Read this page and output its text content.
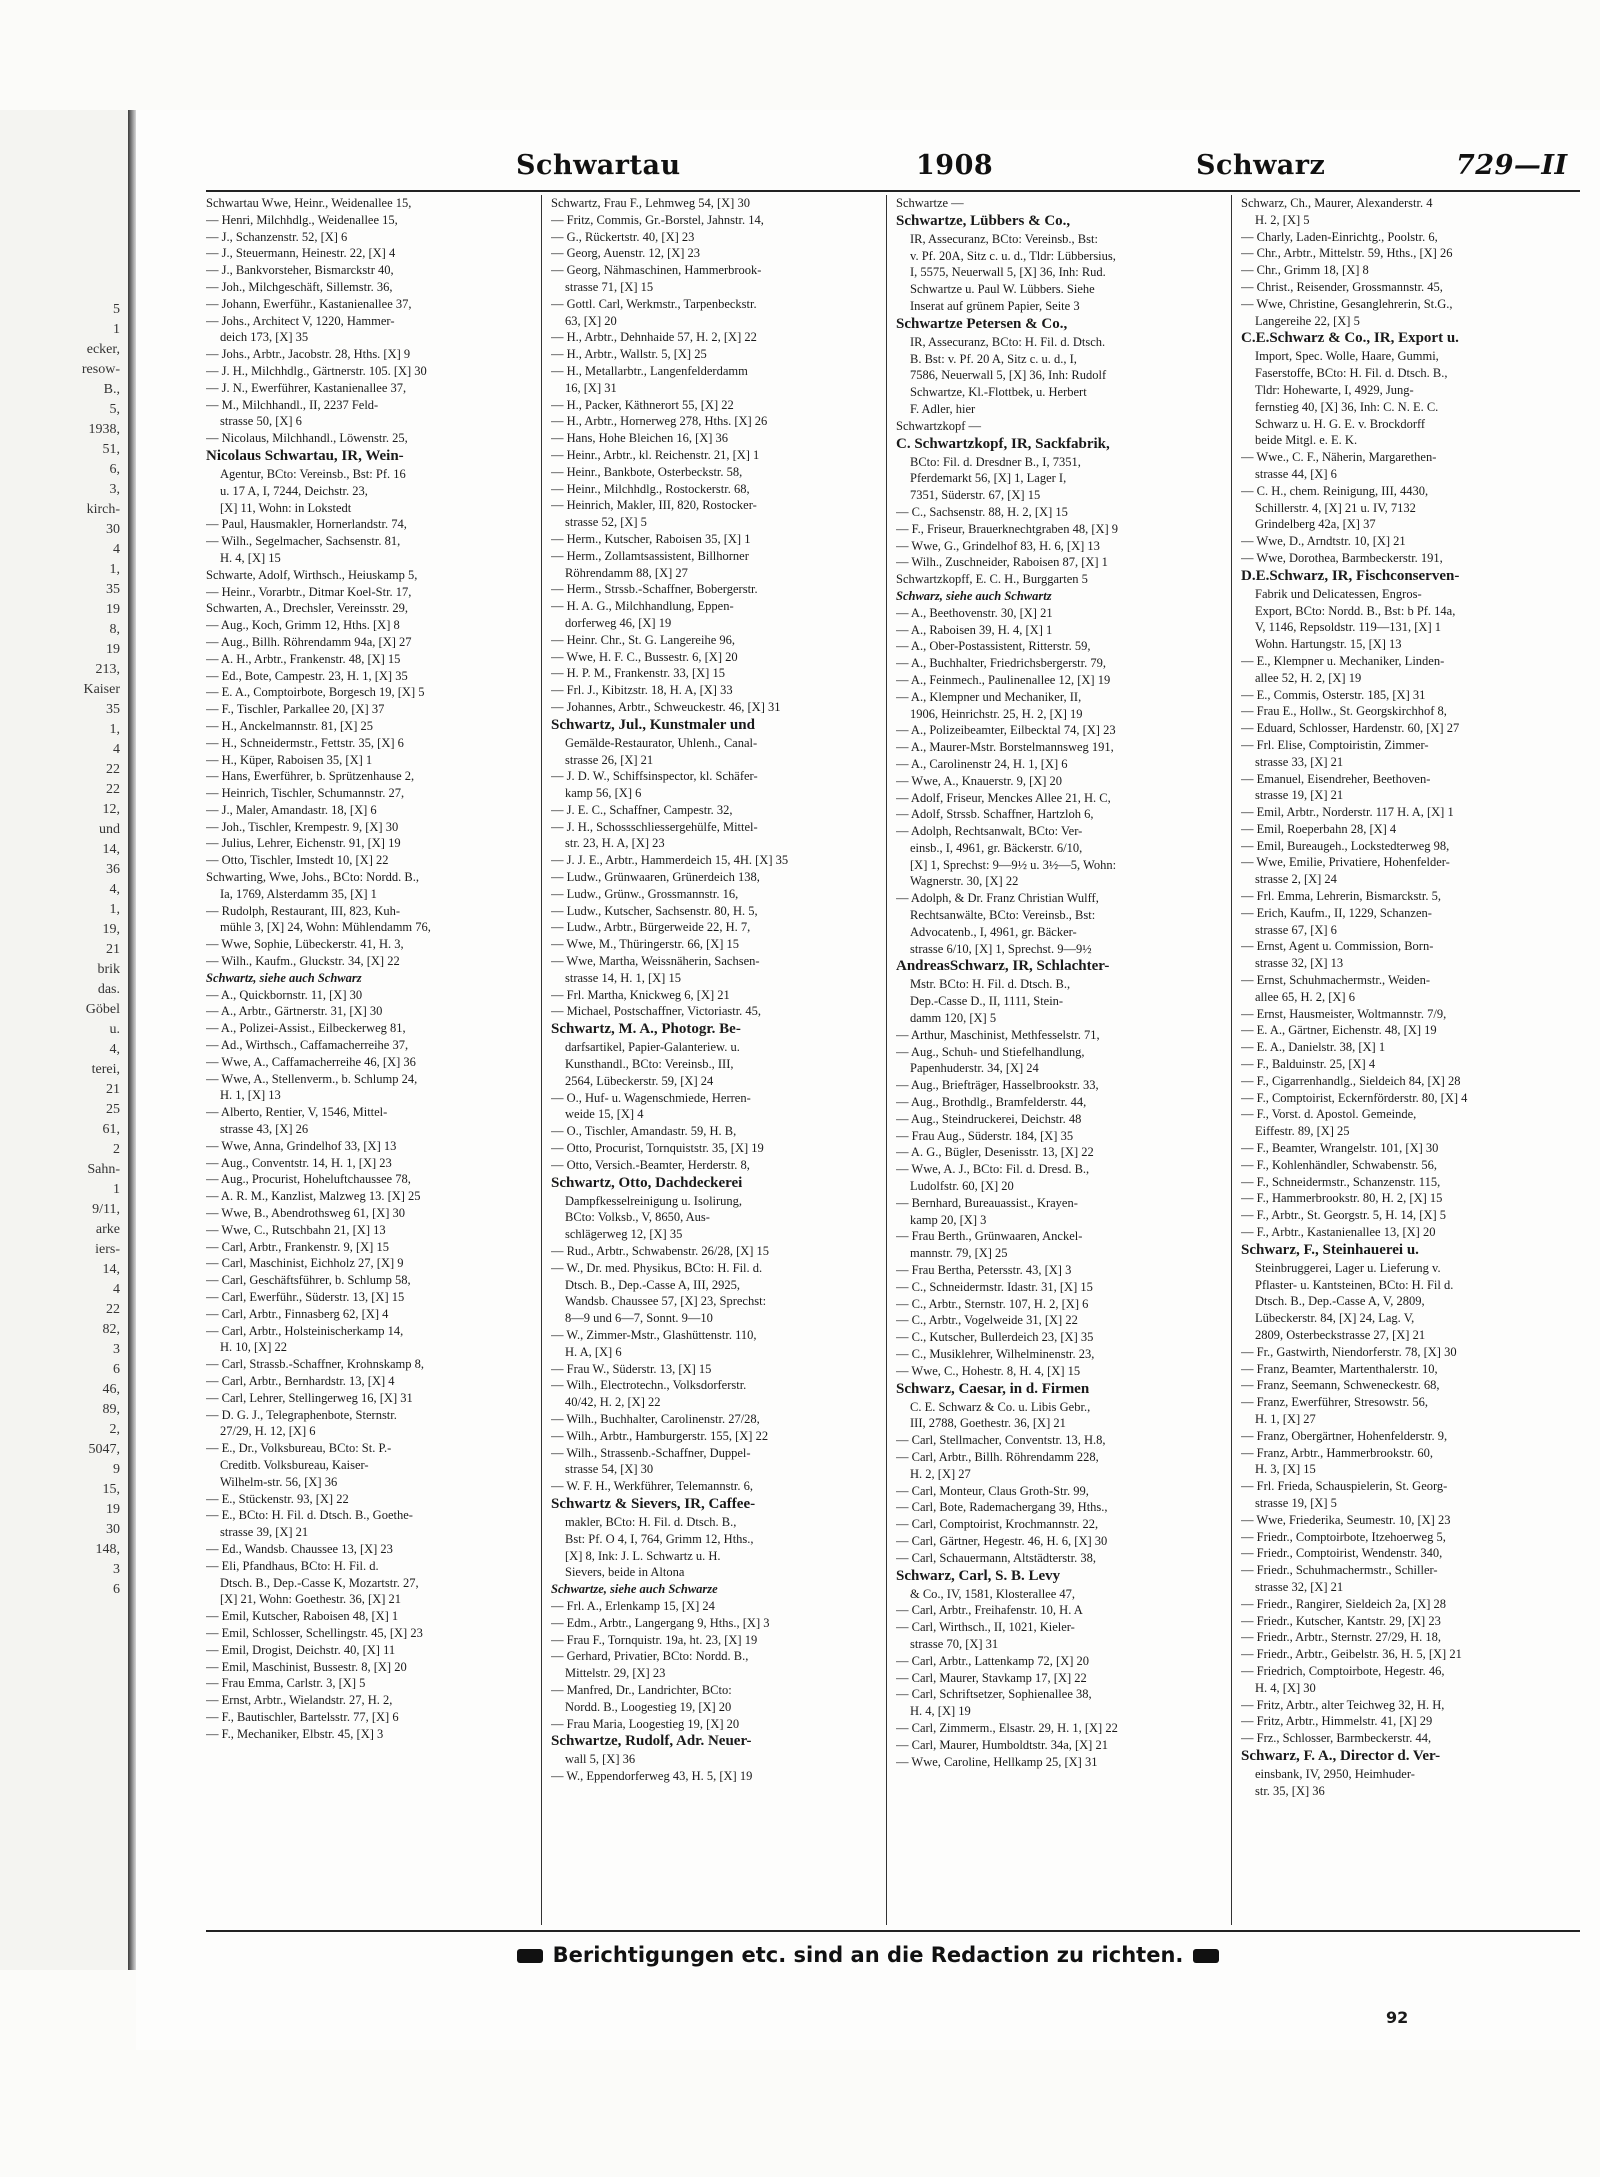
5
1
ecker,
resow-
B.,
5,
1938,
51,
6,
3,
kirch-
30
4
1,
35
19
8,
19
213,
Kaiser
35
1,
4
22
22
12,
und
14,
36
4,
1,
19,
21
brik
das.
Göbel
u.
4,
terei,
21
25
61,
2
Sahn-
1
9/11,
arke
iers-
14,
4
22
82,
3
6
46,
89,
2,
5047,
9
15,
19
30
148,
3
6
Schwartau	1908	Schwarz	729—II
Schwartau Wwe, Heinr., Weidenallee 15,
— Henri, Milchhdlg., Weidenallee 15,
— J., Schanzenstr. 52, [X] 6
— J., Steuermann, Heinestr. 22, [X] 4
— J., Bankvorsteher, Bismarckstr 40,
— Joh., Milchgeschäft, Sillemstr. 36,
— Johann, Ewerführ., Kastanienallee 37,
— Johs., Architect V, 1220, Hammer-
deich 173, [X] 35
— Johs., Arbtr., Jacobstr. 28, Hths. [X] 9
— J. H., Milchhdlg., Gärtnerstr. 105. [X] 30
— J. N., Ewerführer, Kastanienallee 37,
— M., Milchhandl., II, 2237 Feld-
strasse 50, [X] 6
— Nicolaus, Milchhandl., Löwenstr. 25,
Nicolaus Schwartau, IR, Wein-
Agentur, BCto: Vereinsb., Bst: Pf. 16
u. 17 A, I, 7244, Deichstr. 23,
[X] 11, Wohn: in Lokstedt
— Paul, Hausmakler, Hornerlandstr. 74,
— Wilh., Segelmacher, Sachsenstr. 81,
H. 4, [X] 15
Schwarte, Adolf, Wirthsch., Heiuskamp 5,
— Heinr., Vorarbtr., Ditmar Koel-Str. 17,
Schwarten, A., Drechsler, Vereinsstr. 29,
— Aug., Koch, Grimm 12, Hths. [X] 8
— Aug., Billh. Röhrendamm 94a, [X] 27
— A. H., Arbtr., Frankenstr. 48, [X] 15
— Ed., Bote, Campestr. 23, H. 1, [X] 35
— E. A., Comptoirbote, Borgesch 19, [X] 5
— F., Tischler, Parkallee 20, [X] 37
— H., Anckelmannstr. 81, [X] 25
— H., Schneidermstr., Fettstr. 35, [X] 6
— H., Küper, Raboisen 35, [X] 1
— Hans, Ewerführer, b. Sprützenhause 2,
— Heinrich, Tischler, Schumannstr. 27,
— J., Maler, Amandastr. 18, [X] 6
— Joh., Tischler, Krempestr. 9, [X] 30
— Julius, Lehrer, Eichenstr. 91, [X] 19
— Otto, Tischler, Imstedt 10, [X] 22
Schwarting, Wwe, Johs., BCto: Nordd. B.,
Ia, 1769, Alsterdamm 35, [X] 1
— Rudolph, Restaurant, III, 823, Kuh-
mühle 3, [X] 24, Wohn: Mühlendamm 76,
— Wwe, Sophie, Lübeckerstr. 41, H. 3,
— Wilh., Kaufm., Gluckstr. 34, [X] 22
Schwartz, siehe auch Schwarz
— A., Quickbornstr. 11, [X] 30
— A., Arbtr., Gärtnerstr. 31, [X] 30
— A., Polizei-Assist., Eilbeckerweg 81,
— Ad., Wirthsch., Caffamacherreihe 37,
— Wwe, A., Caffamacherreihe 46, [X] 36
— Wwe, A., Stellenverm., b. Schlump 24,
H. 1, [X] 13
— Alberto, Rentier, V, 1546, Mittel-
strasse 43, [X] 26
— Wwe, Anna, Grindelhof 33, [X] 13
— Aug., Conventstr. 14, H. 1, [X] 23
— Aug., Procurist, Hoheluftchaussee 78,
— A. R. M., Kanzlist, Malzweg 13. [X] 25
— Wwe, B., Abendrothsweg 61, [X] 30
— Wwe, C., Rutschbahn 21, [X] 13
— Carl, Arbtr., Frankenstr. 9, [X] 15
— Carl, Maschinist, Eichholz 27, [X] 9
— Carl, Geschäftsführer, b. Schlump 58,
— Carl, Ewerführ., Süderstr. 13, [X] 15
— Carl, Arbtr., Finnasberg 62, [X] 4
— Carl, Arbtr., Holsteinischerkamp 14,
H. 10, [X] 22
— Carl, Strassb.-Schaffner, Krohnskamp 8,
— Carl, Arbtr., Bernhardstr. 13, [X] 4
— Carl, Lehrer, Stellingerweg 16, [X] 31
— D. G. J., Telegraphenbote, Sternstr.
27/29, H. 12, [X] 6
— E., Dr., Volksbureau, BCto: St. P.-
Creditb. Volksbureau, Kaiser-
Wilhelm-str. 56, [X] 36
— E., Stückenstr. 93, [X] 22
— E., BCto: H. Fil. d. Dtsch. B., Goethe-
strasse 39, [X] 21
— Ed., Wandsb. Chaussee 13, [X] 23
— Eli, Pfandhaus, BCto: H. Fil. d.
Dtsch. B., Dep.-Casse K, Mozartstr. 27,
[X] 21, Wohn: Goethestr. 36, [X] 21
— Emil, Kutscher, Raboisen 48, [X] 1
— Emil, Schlosser, Schellingstr. 45, [X] 23
— Emil, Drogist, Deichstr. 40, [X] 11
— Emil, Maschinist, Bussestr. 8, [X] 20
— Frau Emma, Carlstr. 3, [X] 5
— Ernst, Arbtr., Wielandstr. 27, H. 2,
— F., Bautischler, Bartelsstr. 77, [X] 6
— F., Mechaniker, Elbstr. 45, [X] 3
Schwartz, Frau F., Lehmweg 54, [X] 30
— Fritz, Commis, Gr.-Borstel, Jahnstr. 14,
— G., Rückertstr. 40, [X] 23
— Georg, Auenstr. 12, [X] 23
— Georg, Nähmaschinen, Hammerbrook-
strasse 71, [X] 15
— Gottl. Carl, Werkmstr., Tarpenbeckstr.
63, [X] 20
— H., Arbtr., Dehnhaide 57, H. 2, [X] 22
— H., Arbtr., Wallstr. 5, [X] 25
— H., Metallarbtr., Langenfelderdamm
16, [X] 31
— H., Packer, Käthnerort 55, [X] 22
— H., Arbtr., Hornerweg 278, Hths. [X] 26
— Hans, Hohe Bleichen 16, [X] 36
— Heinr., Arbtr., kl. Reichenstr. 21, [X] 1
— Heinr., Bankbote, Osterbeckstr. 58,
— Heinr., Milchhdlg., Rostockerstr. 68,
— Heinrich, Makler, III, 820, Rostocker-
strasse 52, [X] 5
— Herm., Kutscher, Raboisen 35, [X] 1
— Herm., Zollamtsassistent, Billhorner
Röhrendamm 88, [X] 27
— Herm., Strssb.-Schaffner, Bobergerstr.
— H. A. G., Milchhandlung, Eppen-
dorferweg 46, [X] 19
— Heinr. Chr., St. G. Langereihe 96,
— Wwe, H. F. C., Bussestr. 6, [X] 20
— H. P. M., Frankenstr. 33, [X] 15
— Frl. J., Kibitzstr. 18, H. A, [X] 33
— Johannes, Arbtr., Schweuckestr. 46, [X] 31
Schwartz, Jul., Kunstmaler und
Gemälde-Restaurator, Uhlenh., Canal-
strasse 26, [X] 21
— J. D. W., Schiffsinspector, kl. Schäfer-
kamp 56, [X] 6
— J. E. C., Schaffner, Campestr. 32,
— J. H., Schossschliessergehülfe, Mittel-
str. 23, H. A, [X] 23
— J. J. E., Arbtr., Hammerdeich 15, 4H. [X] 35
— Ludw., Grünwaaren, Grünerdeich 138,
— Ludw., Grünw., Grossmannstr. 16,
— Ludw., Kutscher, Sachsenstr. 80, H. 5,
— Ludw., Arbtr., Bürgerweide 22, H. 7,
— Wwe, M., Thüringerstr. 66, [X] 15
— Wwe, Martha, Weissnäherin, Sachsen-
strasse 14, H. 1, [X] 15
— Frl. Martha, Knickweg 6, [X] 21
— Michael, Postschaffner, Victoriastr. 45,
Schwartz, M. A., Photogr. Be-
darfsartikel, Papier-Galanteriew. u.
Kunsthandl., BCto: Vereinsb., III,
2564, Lübeckerstr. 59, [X] 24
— O., Huf- u. Wagenschmiede, Herren-
weide 15, [X] 4
— O., Tischler, Amandastr. 59, H. B,
— Otto, Procurist, Tornquiststr. 35, [X] 19
— Otto, Versich.-Beamter, Herderstr. 8,
Schwartz, Otto, Dachdeckerei
Dampfkesselreinigung u. Isolirung,
BCto: Volksb., V, 8650, Aus-
schlägerweg 12, [X] 35
— Rud., Arbtr., Schwabenstr. 26/28, [X] 15
— W., Dr. med. Physikus, BCto: H. Fil. d.
Dtsch. B., Dep.-Casse A, III, 2925,
Wandsb. Chaussee 57, [X] 23, Sprechst:
8—9 und 6—7, Sonnt. 9—10
— W., Zimmer-Mstr., Glashüttenstr. 110,
H. A, [X] 6
— Frau W., Süderstr. 13, [X] 15
— Wilh., Electrotechn., Volksdorferstr.
40/42, H. 2, [X] 22
— Wilh., Buchhalter, Carolinenstr. 27/28,
— Wilh., Arbtr., Hamburgerstr. 155, [X] 22
— Wilh., Strassenb.-Schaffner, Duppel-
strasse 54, [X] 30
— W. F. H., Werkführer, Telemannstr. 6,
Schwartz & Sievers, IR, Caffee-
makler, BCto: H. Fil. d. Dtsch. B.,
Bst: Pf. O 4, I, 764, Grimm 12, Hths.,
[X] 8, Ink: J. L. Schwartz u. H.
Sievers, beide in Altona
Schwartze, siehe auch Schwarze
— Frl. A., Erlenkamp 15, [X] 24
— Edm., Arbtr., Langergang 9, Hths., [X] 3
— Frau F., Tornquistr. 19a, ht. 23, [X] 19
— Gerhard, Privatier, BCto: Nordd. B.,
Mittelstr. 29, [X] 23
— Manfred, Dr., Landrichter, BCto:
Nordd. B., Loogestieg 19, [X] 20
— Frau Maria, Loogestieg 19, [X] 20
Schwartze, Rudolf, Adr. Neuer-
wall 5, [X] 36
— W., Eppendorferweg 43, H. 5, [X] 19
Schwartze —
Schwartze, Lübbers & Co.,
IR, Assecuranz, BCto: Vereinsb., Bst:
v. Pf. 20A, Sitz c. u. d., Tldr: Lübbersius,
I, 5575, Neuerwall 5, [X] 36, Inh: Rud.
Schwartze u. Paul W. Lübbers. Siehe
Inserat auf grünem Papier, Seite 3
Schwartze Petersen & Co.,
IR, Assecuranz, BCto: H. Fil. d. Dtsch.
B. Bst: v. Pf. 20 A, Sitz c. u. d., I,
7586, Neuerwall 5, [X] 36, Inh: Rudolf
Schwartze, Kl.-Flottbek, u. Herbert
F. Adler, hier
Schwartzkopf —
C. Schwartzkopf, IR, Sackfabrik,
BCto: Fil. d. Dresdner B., I, 7351,
Pferdemarkt 56, [X] 1, Lager I,
7351, Süderstr. 67, [X] 15
— C., Sachsenstr. 88, H. 2, [X] 15
— F., Friseur, Brauerknechtgraben 48, [X] 9
— Wwe, G., Grindelhof 83, H. 6, [X] 13
— Wilh., Zuschneider, Raboisen 87, [X] 1
Schwartzkopff, E. C. H., Burggarten 5
Schwarz, siehe auch Schwartz
— A., Beethovenstr. 30, [X] 21
— A., Raboisen 39, H. 4, [X] 1
— A., Ober-Postassistent, Ritterstr. 59,
— A., Buchhalter, Friedrichsbergerstr. 79,
— A., Feinmech., Paulinenallee 12, [X] 19
— A., Klempner und Mechaniker, II,
1906, Heinrichstr. 25, H. 2, [X] 19
— A., Polizeibeamter, Eilbecktal 74, [X] 23
— A., Maurer-Mstr. Borstelmannsweg 191,
— A., Carolinenstr 24, H. 1, [X] 6
— Wwe, A., Knauerstr. 9, [X] 20
— Adolf, Friseur, Menckes Allee 21, H. C,
— Adolf, Strssb. Schaffner, Hartzloh 6,
— Adolph, Rechtsanwalt, BCto: Ver-
einsb., I, 4961, gr. Bäckerstr. 6/10,
[X] 1, Sprechst: 9—9½ u. 3½—5, Wohn:
Wagnerstr. 30, [X] 22
— Adolph, & Dr. Franz Christian Wulff,
Rechtsanwälte, BCto: Vereinsb., Bst:
Advocatenb., I, 4961, gr. Bäcker-
strasse 6/10, [X] 1, Sprechst. 9—9½
AndreasSchwarz, IR, Schlachter-
Mstr. BCto: H. Fil. d. Dtsch. B.,
Dep.-Casse D., II, 1111, Stein-
damm 120, [X] 5
— Arthur, Maschinist, Methfesselstr. 71,
— Aug., Schuh- und Stiefelhandlung,
Papenhuderstr. 34, [X] 24
— Aug., Briefträger, Hasselbrookstr. 33,
— Aug., Brothdlg., Bramfelderstr. 44,
— Aug., Steindruckerei, Deichstr. 48
— Frau Aug., Süderstr. 184, [X] 35
— A. G., Bügler, Desenisstr. 13, [X] 22
— Wwe, A. J., BCto: Fil. d. Dresd. B.,
Ludolfstr. 60, [X] 20
— Bernhard, Bureauassist., Krayen-
kamp 20, [X] 3
— Frau Berth., Grünwaaren, Anckel-
mannstr. 79, [X] 25
— Frau Bertha, Petersstr. 43, [X] 3
— C., Schneidermstr. Idastr. 31, [X] 15
— C., Arbtr., Sternstr. 107, H. 2, [X] 6
— C., Arbtr., Vogelweide 31, [X] 22
— C., Kutscher, Bullerdeich 23, [X] 35
— C., Musiklehrer, Wilhelminenstr. 23,
— Wwe, C., Hohestr. 8, H. 4, [X] 15
Schwarz, Caesar, in d. Firmen
C. E. Schwarz & Co. u. Libis Gebr.,
III, 2788, Goethestr. 36, [X] 21
— Carl, Stellmacher, Conventstr. 13, H.8,
— Carl, Arbtr., Billh. Röhrendamm 228,
H. 2, [X] 27
— Carl, Monteur, Claus Groth-Str. 99,
— Carl, Bote, Rademachergang 39, Hths.,
— Carl, Comptoirist, Krochmannstr. 22,
— Carl, Gärtner, Hegestr. 46, H. 6, [X] 30
— Carl, Schauermann, Altstädterstr. 38,
Schwarz, Carl, S. B. Levy
& Co., IV, 1581, Klosterallee 47,
— Carl, Arbtr., Freihafenstr. 10, H. A
— Carl, Wirthsch., II, 1021, Kieler-
strasse 70, [X] 31
— Carl, Arbtr., Lattenkamp 72, [X] 20
— Carl, Maurer, Stavkamp 17, [X] 22
— Carl, Schriftsetzer, Sophienallee 38,
H. 4, [X] 19
— Carl, Zimmerm., Elsastr. 29, H. 1, [X] 22
— Carl, Maurer, Humboldtstr. 34a, [X] 21
— Wwe, Caroline, Hellkamp 25, [X] 31
Schwarz, Ch., Maurer, Alexanderstr. 4
H. 2, [X] 5
— Charly, Laden-Einrichtg., Poolstr. 6,
— Chr., Arbtr., Mittelstr. 59, Hths., [X] 26
— Chr., Grimm 18, [X] 8
— Christ., Reisender, Grossmannstr. 45,
— Wwe, Christine, Gesanglehrerin, St.G.,
Langereihe 22, [X] 5
C.E.Schwarz & Co., IR, Export u.
Import, Spec. Wolle, Haare, Gummi,
Faserstoffe, BCto: H. Fil. d. Dtsch. B.,
Tldr: Hohewarte, I, 4929, Jung-
fernstieg 40, [X] 36, Inh: C. N. E. C.
Schwarz u. H. G. E. v. Brockdorff
beide Mitgl. e. E. K.
— Wwe., C. F., Näherin, Margarethen-
strasse 44, [X] 6
— C. H., chem. Reinigung, III, 4430,
Schillerstr. 4, [X] 21 u. IV, 7132
Grindelberg 42a, [X] 37
— Wwe, D., Arndtstr. 10, [X] 21
— Wwe, Dorothea, Barmbeckerstr. 191,
D.E.Schwarz, IR, Fischconserven-
Fabrik und Delicatessen, Engros-
Export, BCto: Nordd. B., Bst: b Pf. 14a,
V, 1146, Repsoldstr. 119—131, [X] 1
Wohn. Hartungstr. 15, [X] 13
— E., Klempner u. Mechaniker, Linden-
allee 52, H. 2, [X] 19
— E., Commis, Osterstr. 185, [X] 31
— Frau E., Hollw., St. Georgskirchhof 8,
— Eduard, Schlosser, Hardenstr. 60, [X] 27
— Frl. Elise, Comptoiristin, Zimmer-
strasse 33, [X] 21
— Emanuel, Eisendreher, Beethoven-
strasse 19, [X] 21
— Emil, Arbtr., Norderstr. 117 H. A, [X] 1
— Emil, Roeperbahn 28, [X] 4
— Emil, Bureaugeh., Lockstedterweg 98,
— Wwe, Emilie, Privatiere, Hohenfelder-
strasse 2, [X] 24
— Frl. Emma, Lehrerin, Bismarckstr. 5,
— Erich, Kaufm., II, 1229, Schanzen-
strasse 67, [X] 6
— Ernst, Agent u. Commission, Born-
strasse 32, [X] 13
— Ernst, Schuhmachermstr., Weiden-
allee 65, H. 2, [X] 6
— Ernst, Hausmeister, Woltmannstr. 7/9,
— E. A., Gärtner, Eichenstr. 48, [X] 19
— E. A., Danielstr. 38, [X] 1
— F., Balduinstr. 25, [X] 4
— F., Cigarrenhandlg., Sieldeich 84, [X] 28
— F., Comptoirist, Eckernförderstr. 80, [X] 4
— F., Vorst. d. Apostol. Gemeinde,
Eiffestr. 89, [X] 25
— F., Beamter, Wrangelstr. 101, [X] 30
— F., Kohlenhändler, Schwabenstr. 56,
— F., Schneidermstr., Schanzenstr. 115,
— F., Hammerbrookstr. 80, H. 2, [X] 15
— F., Arbtr., St. Georgstr. 5, H. 14, [X] 5
— F., Arbtr., Kastanienallee 13, [X] 20
Schwarz, F., Steinhauerei u.
Steinbruggerei, Lager u. Lieferung v.
Pflaster- u. Kantsteinen, BCto: H. Fil d.
Dtsch. B., Dep.-Casse A, V, 2809,
Lübeckerstr. 84, [X] 24, Lag. V,
2809, Osterbeckstrasse 27, [X] 21
— Fr., Gastwirth, Niendorferstr. 78, [X] 30
— Franz, Beamter, Martenthalerstr. 10,
— Franz, Seemann, Schweneckestr. 68,
— Franz, Ewerführer, Stresowstr. 56,
H. 1, [X] 27
— Franz, Obergärtner, Hohenfelderstr. 9,
— Franz, Arbtr., Hammerbrookstr. 60,
H. 3, [X] 15
— Frl. Frieda, Schauspielerin, St. Georg-
strasse 19, [X] 5
— Wwe, Friederika, Seumestr. 10, [X] 23
— Friedr., Comptoirbote, Itzehoerweg 5,
— Friedr., Comptoirist, Wendenstr. 340,
— Friedr., Schuhmachermstr., Schiller-
strasse 32, [X] 21
— Friedr., Rangirer, Sieldeich 2a, [X] 28
— Friedr., Kutscher, Kantstr. 29, [X] 23
— Friedr., Arbtr., Sternstr. 27/29, H. 18,
— Friedr., Arbtr., Geibelstr. 36, H. 5, [X] 21
— Friedrich, Comptoirbote, Hegestr. 46,
H. 4, [X] 30
— Fritz, Arbtr., alter Teichweg 32, H. H,
— Fritz, Arbtr., Himmelstr. 41, [X] 29
— Frz., Schlosser, Barmbeckerstr. 44,
Schwarz, F. A., Director d. Ver-
einsbank, IV, 2950, Heimhuder-
str. 35, [X] 36
Berichtigungen etc. sind an die Redaction zu richten.
92
